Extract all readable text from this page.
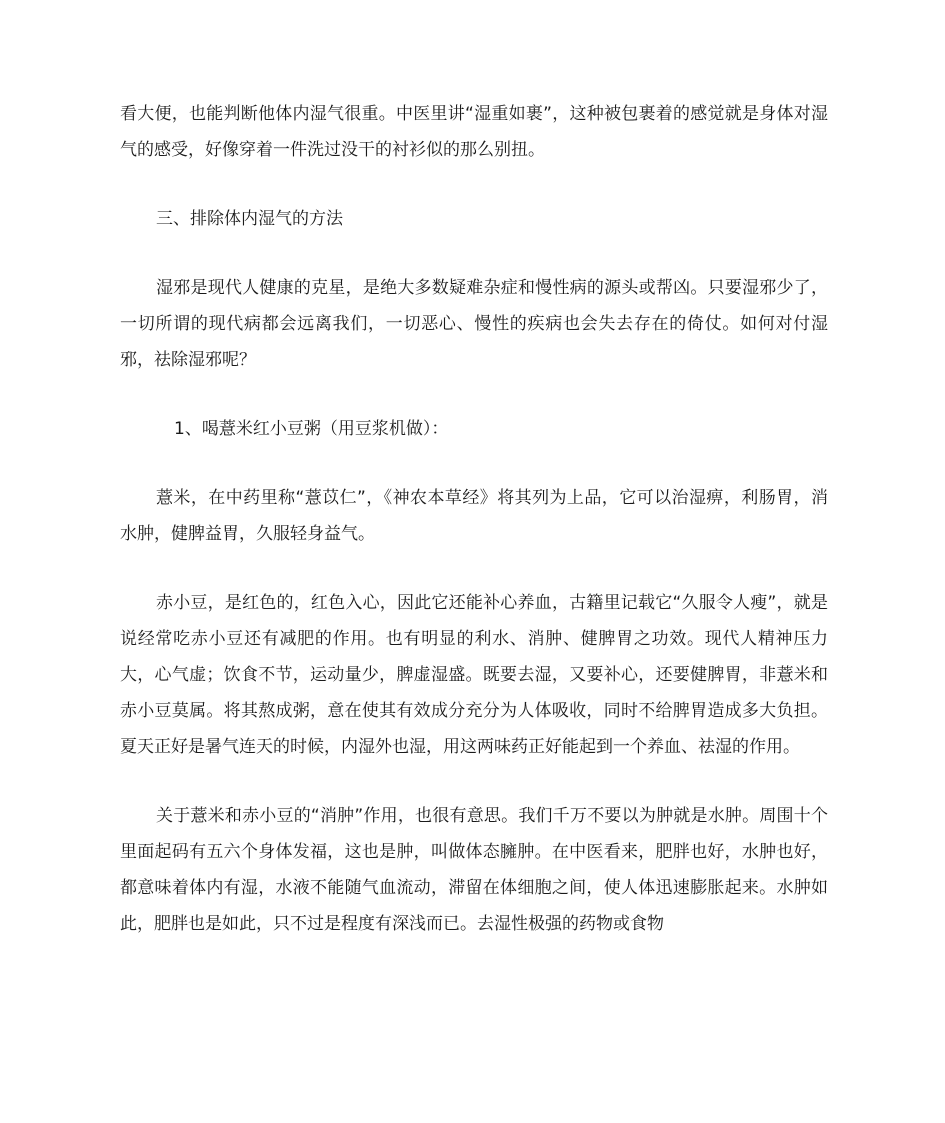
看大便，也能判断他体内湿气很重。中医里讲“湿重如裹”，这种被包裹着的感觉就是身体对湿气的感受，好像穿着一件洗过没干的衬衫似的那么别扭。

三、排除体内湿气的方法

湿邪是现代人健康的克星，是绝大多数疑难杂症和慢性病的源头或帮凶。只要湿邪少了，一切所谓的现代病都会远离我们，一切恶心、慢性的疾病也会失去存在的倚仗。如何对付湿邪，祛除湿邪呢？

1、喝薏米红小豆粥（用豆浆机做）：

薏米，在中药里称“薏苡仁”，《神农本草经》将其列为上品，它可以治湿痹，利肠胃，消水肿，健脾益胃，久服轻身益气。

赤小豆，是红色的，红色入心，因此它还能补心养血，古籍里记载它“久服令人瘦”，就是说经常吃赤小豆还有减肥的作用。也有明显的利水、消肿、健脾胃之功效。现代人精神压力大，心气虚；饮食不节，运动量少，脾虚湿盛。既要去湿，又要补心，还要健脾胃，非薏米和赤小豆莫属。将其熬成粥，意在使其有效成分充分为人体吸收，同时不给脾胃造成多大负担。夏天正好是暑气连天的时候，内湿外也湿，用这两味药正好能起到一个养血、祛湿的作用。

关于薏米和赤小豆的“消肿”作用，也很有意思。我们千万不要以为肿就是水肿。周围十个里面起码有五六个身体发福，这也是肿，叫做体态臃肿。在中医看来，肥胖也好，水肿也好，都意味着体内有湿，水液不能随气血流动，滞留在体细胞之间，使人体迅速膨胀起来。水肿如此，肥胖也是如此，只不过是程度有深浅而已。去湿性极强的药物或食物
